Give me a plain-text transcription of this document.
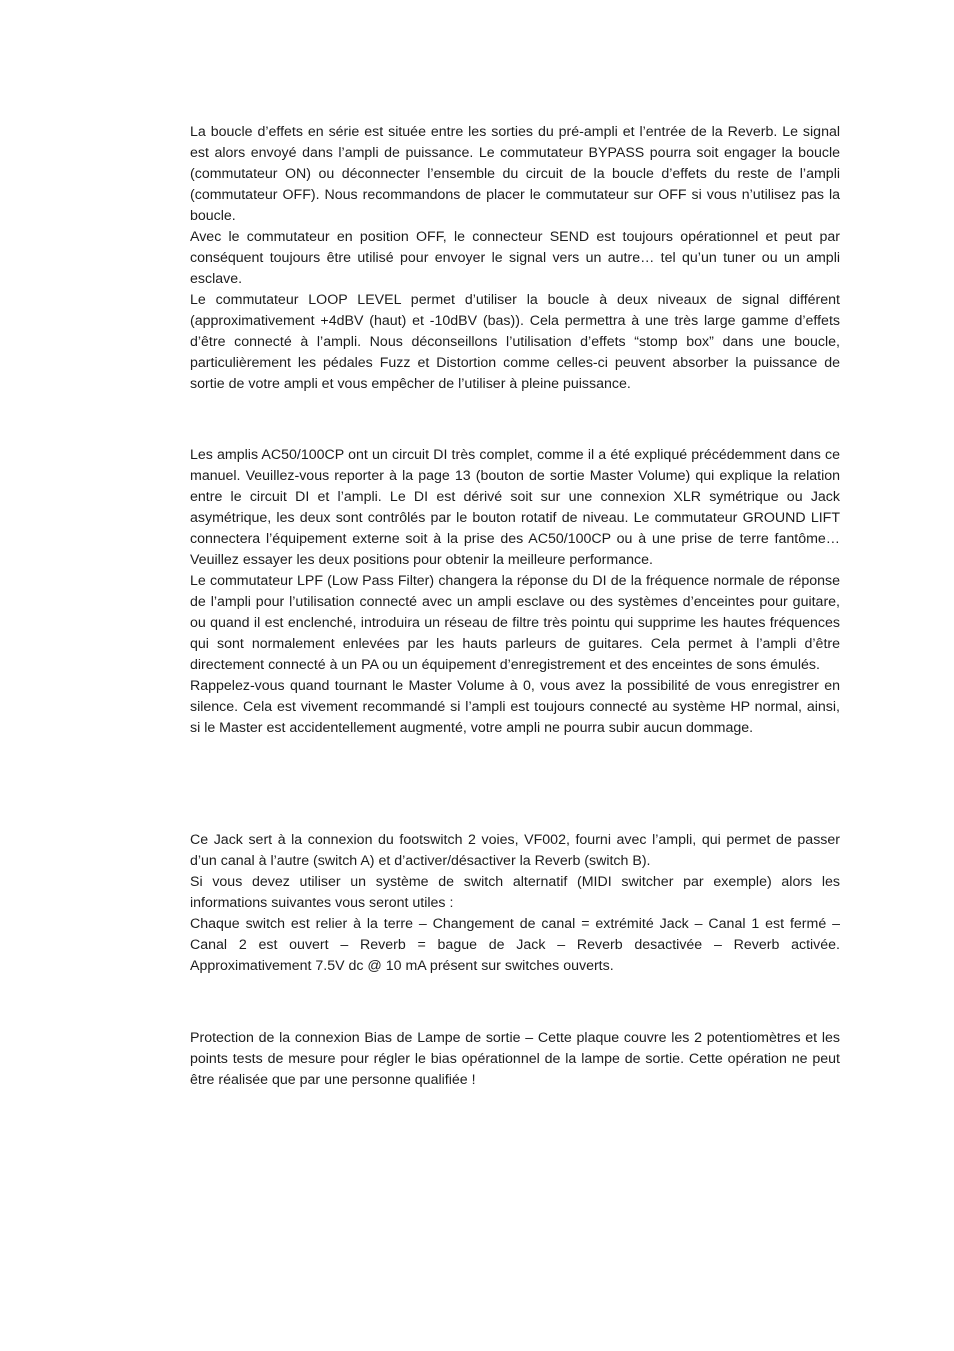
La boucle d’effets en série est située entre les sorties du pré-ampli et l’entrée de la Reverb. Le signal est alors envoyé dans l’ampli de puissance. Le commutateur BYPASS pourra soit engager la boucle (commutateur ON) ou déconnecter l’ensemble du circuit de la boucle d’effets du reste de l’ampli (commutateur OFF). Nous recommandons de placer le commutateur sur OFF si vous n’utilisez pas la boucle.

Avec le commutateur en position OFF, le connecteur SEND est toujours opérationnel et peut par conséquent toujours être utilisé pour envoyer le signal vers un autre… tel qu’un tuner ou un ampli esclave.

Le commutateur LOOP LEVEL permet d’utiliser la boucle à deux niveaux de signal différent (approximativement +4dBV (haut) et -10dBV (bas)). Cela permettra à une très large gamme d’effets d’être connecté à l’ampli. Nous déconseillons l’utilisation d’effets “stomp box” dans une boucle, particulièrement les pédales Fuzz et Distortion comme celles-ci peuvent absorber la puissance de sortie de votre ampli et vous empêcher de l’utiliser à pleine puissance.

Les amplis AC50/100CP ont un circuit DI très complet, comme il a été expliqué précédemment dans ce manuel. Veuillez-vous reporter à la page 13 (bouton de sortie Master Volume) qui explique la relation entre le circuit DI et l’ampli. Le DI est dérivé soit sur une connexion XLR symétrique ou Jack asymétrique, les deux sont contrôlés par le bouton rotatif de niveau. Le commutateur GROUND LIFT connectera l’équipement externe soit à la prise des AC50/100CP ou à une prise de terre fantôme… Veuillez essayer les deux positions pour obtenir la meilleure performance.

Le commutateur LPF (Low Pass Filter) changera la réponse du DI de la fréquence normale de réponse de l’ampli pour l’utilisation connecté avec un ampli esclave ou des systèmes d’enceintes pour guitare, ou quand il est enclenché, introduira un réseau de filtre très pointu qui supprime les hautes fréquences qui sont normalement enlevées par les hauts parleurs de guitares. Cela permet à l’ampli d’être directement connecté à un PA ou un équipement d’enregistrement et des enceintes de sons émulés.

Rappelez-vous quand tournant le Master Volume à 0, vous avez la possibilité de vous enregistrer en silence. Cela est vivement recommandé si l’ampli est toujours connecté au système HP normal, ainsi, si le Master est accidentellement augmenté, votre ampli ne pourra subir aucun dommage.

Ce Jack sert à la connexion du footswitch 2 voies, VF002, fourni avec l’ampli, qui permet de passer d’un canal à l’autre (switch A) et d’activer/désactiver la Reverb (switch B).

Si vous devez utiliser un système de switch alternatif (MIDI switcher par exemple) alors les informations suivantes vous seront utiles :

Chaque switch est relier à la terre – Changement de canal = extrémité Jack – Canal 1 est fermé – Canal 2 est ouvert – Reverb = bague de Jack – Reverb desactivée – Reverb activée. Approximativement 7.5V dc @ 10 mA présent sur switches ouverts.

Protection de la connexion Bias de Lampe de sortie – Cette plaque couvre les 2 potentiomètres et les points tests de mesure pour régler le bias opérationnel de la lampe de sortie. Cette opération ne peut être réalisée que par une personne qualifiée !
